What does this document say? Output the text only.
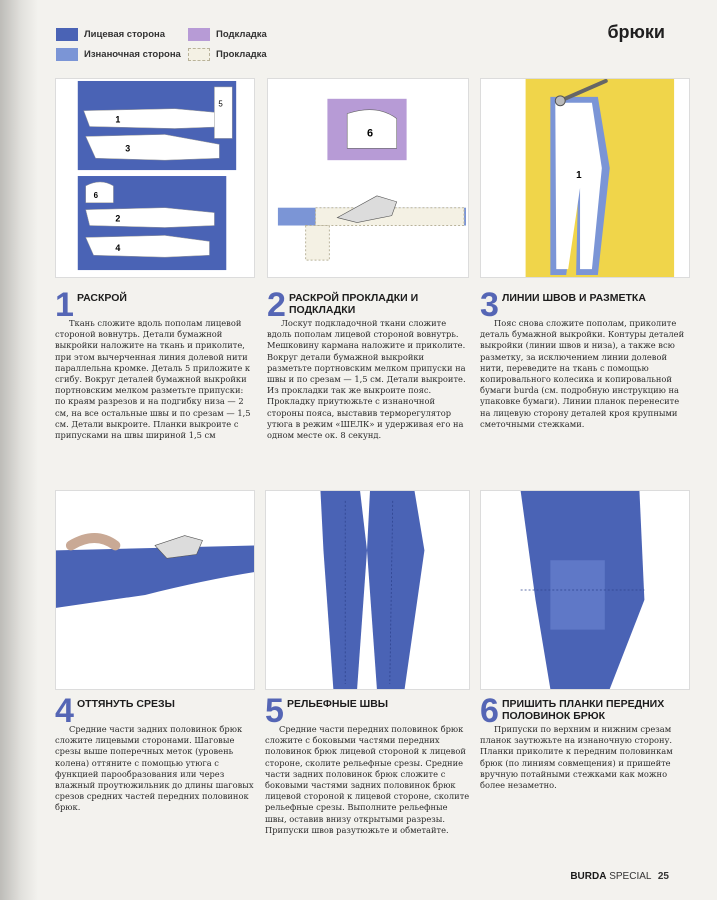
Лицевая сторона	Подкладка
Изнаночная сторона	Прокладка
брюки
5
1
3
6
2
4
6
1
1 РАСКРОЙ
Ткань сложите вдоль пополам лицевой стороной вовнутрь. Детали бумажной выкройки наложите на ткань и приколите, при этом вычерченная линия долевой нити параллельна кромке. Деталь 5 приложите к сгибу. Вокруг деталей бумажной выкройки портновским мелком разметьте припуски: по краям разрезов и на подгибку низа — 2 см, на все остальные швы и по срезам — 1,5 см. Детали выкроите. Планки выкроите с припусками на швы шириной 1,5 см
2 РАСКРОЙ ПРОКЛАДКИ И ПОДКЛАДКИ
Лоскут подкладочной ткани сложите вдоль пополам лицевой стороной вовнутрь. Мешковину кармана наложите и приколите. Вокруг детали бумажной выкройки разметьте портновским мелком припуски на швы и по срезам — 1,5 см. Детали выкроите. Из прокладки так же выкроите пояс. Прокладку приутюжьте с изнаночной стороны пояса, выставив терморегулятор утюга в режим «ШЕЛК» и удерживая его на одном месте ок. 8 секунд.
3 ЛИНИИ ШВОВ И РАЗМЕТКА
Пояс снова сложите пополам, приколите деталь бумажной выкройки. Контуры деталей выкройки (линии швов и низа), а также всю разметку, за исключением линии долевой нити, переведите на ткань с помощью копировального колесика и копировальной бумаги burda (см. подробную инструкцию на упаковке бумаги). Линии планок перенесите на лицевую сторону деталей кроя крупными сметочными стежками.
4 ОТТЯНУТЬ СРЕЗЫ
Средние части задних половинок брюк сложите лицевыми сторонами. Шаговые срезы выше поперечных меток (уровень колена) оттяните с помощью утюга с функцией парообразования или через влажный проутюжильник до длины шаговых срезов средних частей передних половинок брюк.
5 РЕЛЬЕФНЫЕ ШВЫ
Средние части передних половинок брюк сложите с боковыми частями передних половинок брюк лицевой стороной к лицевой стороне, сколите рельефные срезы. Средние части задних половинок брюк сложите с боковыми частями задних половинок брюк лицевой стороной к лицевой стороне, сколите рельефные срезы. Выполните рельефные швы, оставив внизу открытыми разрезы. Припуски швов разутюжьте и обметайте.
6 ПРИШИТЬ ПЛАНКИ ПЕРЕДНИХ ПОЛОВИНОК БРЮК
Припуски по верхним и нижним срезам планок заутюжьте на изнаночную сторону. Планки приколите к передним половинкам брюк (по линиям совмещения) и пришейте вручную потайными стежками как можно более незаметно.
BURDA SPECIAL 25
